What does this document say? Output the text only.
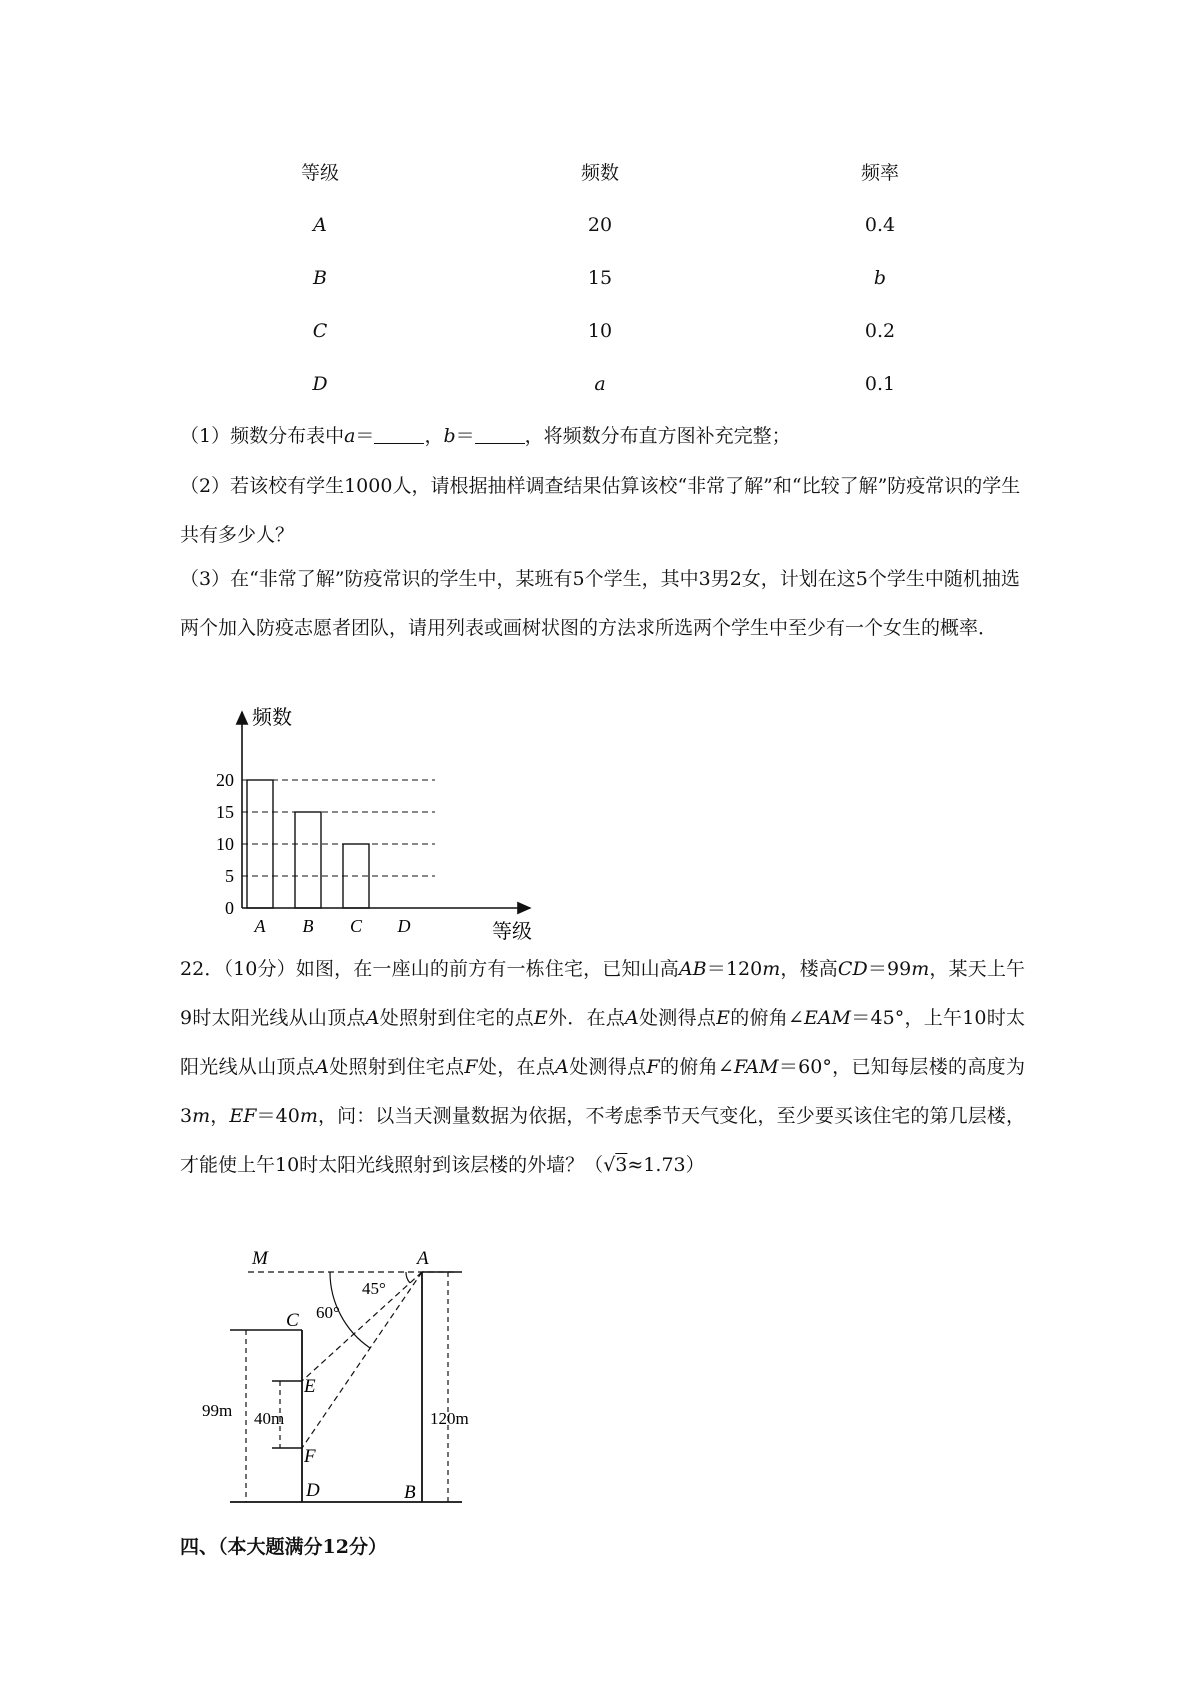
等级	频数	频率
A	20	0.4
B	15	b
C	10	0.2
D	a	0.1

（1）频数分布表中a＝	，b＝	，将频数分布直方图补充完整；

（2）若该校有学生1000人，请根据抽样调查结果估算该校“非常了解”和“比较了解”防疫常识的学生共有多少人？

（3）在“非常了解”防疫常识的学生中，某班有5个学生，其中3男2女，计划在这5个学生中随机抽选两个加入防疫志愿者团队，请用列表或画树状图的方法求所选两个学生中至少有一个女生的概率．

频数
等级
0
5
10
15
20
A B C D

22．（10分）如图，在一座山的前方有一栋住宅，已知山高AB＝120m，楼高CD＝99m，某天上午9时太阳光线从山顶点A处照射到住宅的点E外．在点A处测得点E的俯角∠EAM＝45°，上午10时太阳光线从山顶点A处照射到住宅点F处，在点A处测得点F的俯角∠FAM＝60°，已知每层楼的高度为3m，EF＝40m，问：以当天测量数据为依据，不考虑季节天气变化，至少要买该住宅的第几层楼，才能使上午10时太阳光线照射到该层楼的外墙？（√3≈1.73）

M	A
C
E
F
D	B
45°
60°
99m 40m	120m

四、（本大题满分12分）
